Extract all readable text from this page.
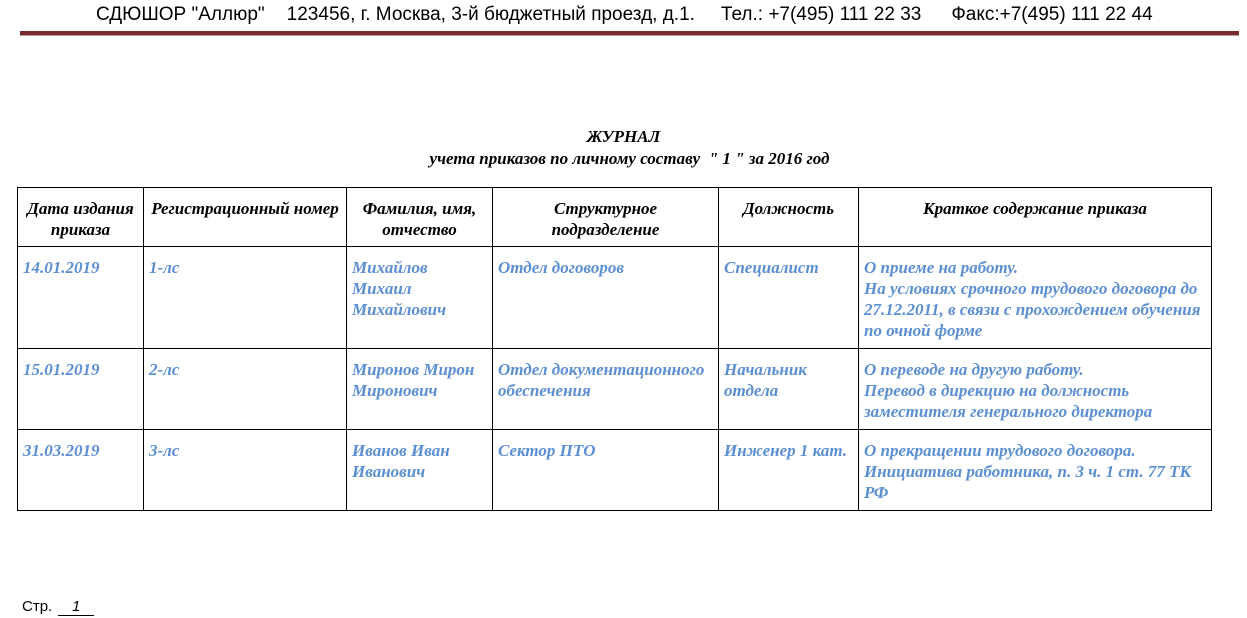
СДЮШОР "Аллюр" 123456, г. Москва, 3-й бюджетный проезд, д.1. Тел.: +7(495) 111 22 33 Факс:+7(495) 111 22 44
ЖУРНАЛ
учета приказов по личному составу  " 1 " за 2016 год
Дата издания приказа	Регистрационный номер	Фамилия, имя, отчество	Структурное подразделение	Должность	Краткое содержание приказа
14.01.2019	1-лс	Михайлов Михаил Михайлович	Отдел договоров	Специалист	О приеме на работу.
На условиях срочного трудового договора до 27.12.2011, в связи с прохождением обучения по очной форме

15.01.2019	2-лс	Миронов Мирон Миронович	Отдел документационного обеспечения	Начальник отдела	О переводе на другую работу.
Перевод в дирекцию на должность заместителя генерального директора

31.03.2019	3-лс	Иванов Иван Иванович	Сектор ПТО	Инженер 1 кат.	О прекращении трудового договора.
Инициатива работника, п. 3 ч. 1 ст. 77 ТК РФ
Стр. 1
